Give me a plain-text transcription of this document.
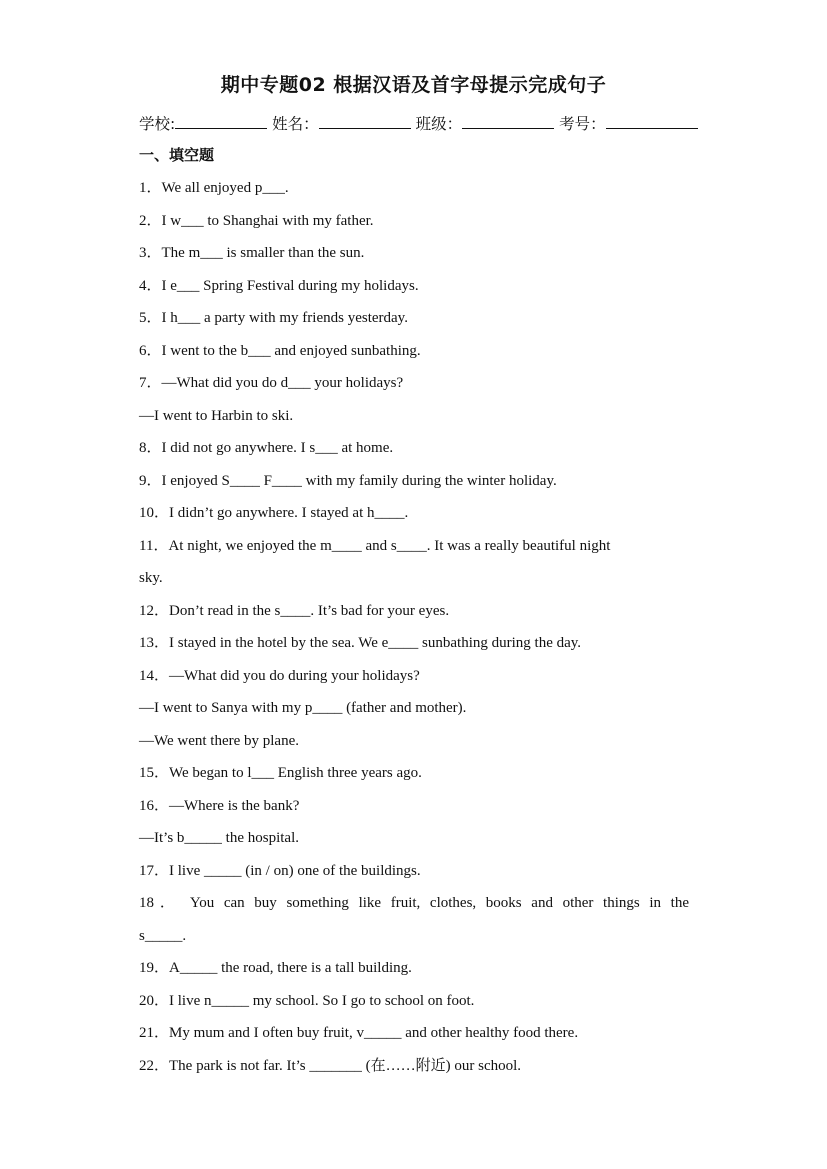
期中专题02 根据汉语及首字母提示完成句子
学校:	姓名：	班级：	考号：
一、填空题
1．We all enjoyed p___.
2．I w___ to Shanghai with my father.
3．The m___ is smaller than the sun.
4．I e___ Spring Festival during my holidays.
5．I h___ a party with my friends yesterday.
6．I went to the b___ and enjoyed sunbathing.
7．—What did you do d___ your holidays?
—I went to Harbin to ski.
8．I did not go anywhere. I s___ at home.
9．I enjoyed S____ F____ with my family during the winter holiday.
10．I didn’t go anywhere. I stayed at h____.
11．At night, we enjoyed the m____ and s____. It was a really beautiful night
sky.
12．Don’t read in the s____. It’s bad for your eyes.
13．I stayed in the hotel by the sea. We e____ sunbathing during the day.
14．—What did you do during your holidays?
—I went to Sanya with my p____ (father and mother).
—We went there by plane.
15．We began to l___ English three years ago.
16．—Where is the bank?
—It’s b_____ the hospital.
17．I live _____ (in / on) one of the buildings.
18． You can buy something like fruit, clothes, books and other things in the
s_____.
19．A_____ the road, there is a tall building.
20．I live n_____ my school. So I go to school on foot.
21．My mum and I often buy fruit, v_____ and other healthy food there.
22．The park is not far. It’s _______ (在……附近) our school.
